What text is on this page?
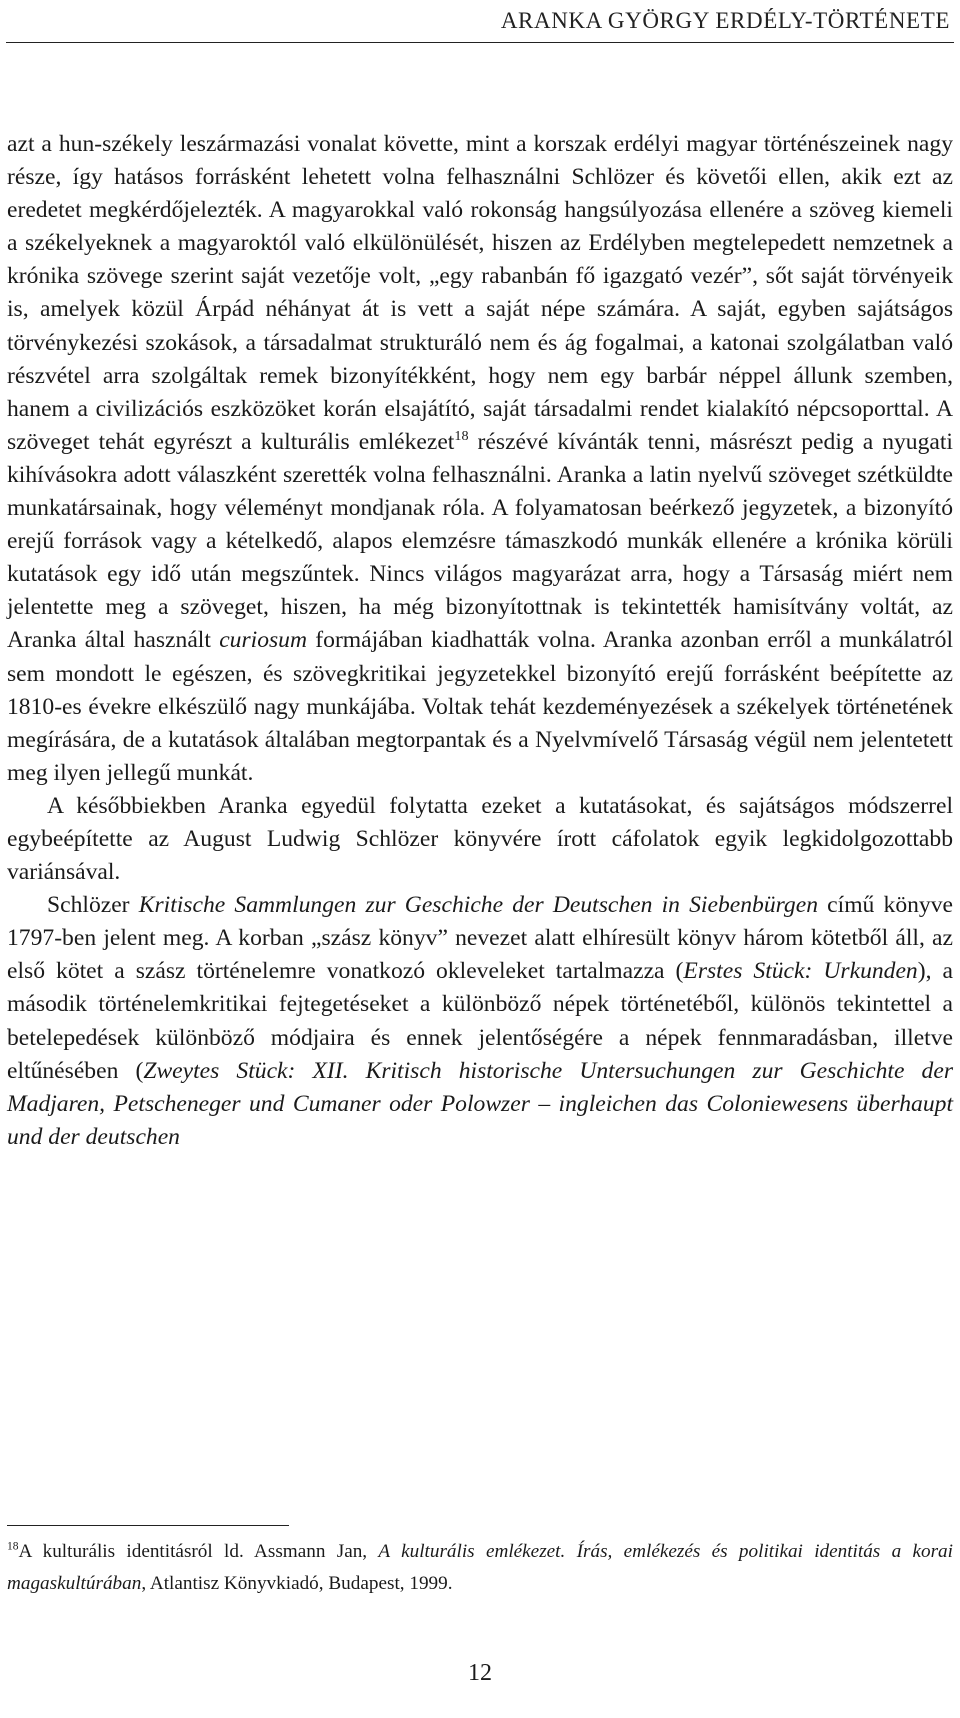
ARANKA GYÖRGY ERDÉLY-TÖRTÉNETE

azt a hun-székely leszármazási vonalat követte, mint a korszak erdélyi magyar történészeinek nagy része, így hatásos forrásként lehetett volna felhasználni Schlözer és követői ellen, akik ezt az eredetet megkérdőjelezték. A magyarokkal való rokonság hangsúlyozása ellenére a szöveg kiemeli a székelyeknek a magyaroktól való elkülönülését, hiszen az Erdélyben megtelepedett nemzetnek a krónika szövege szerint saját vezetője volt, „egy rabanbán fő igazgató vezér”, sőt saját törvényeik is, amelyek közül Árpád néhányat át is vett a saját népe számára. A saját, egyben sajátságos törvénykezési szokások, a társadalmat strukturáló nem és ág fogalmai, a katonai szolgálatban való részvétel arra szolgáltak remek bizonyítékként, hogy nem egy barbár néppel állunk szemben, hanem a civilizációs eszközöket korán elsajátító, saját társadalmi rendet kialakító népcsoporttal. A szöveget tehát egyrészt a kulturális emlékezet$^{18}$ részévé kívánták tenni, másrészt pedig a nyugati kihívásokra adott válaszként szerették volna felhasználni. Aranka a latin nyelvű szöveget szétküldte munkatársainak, hogy véleményt mondjanak róla. A folyamatosan beérkező jegyzetek, a bizonyító erejű források vagy a kételkedő, alapos elemzésre támaszkodó munkák ellenére a krónika körüli kutatások egy idő után megszűntek. Nincs világos magyarázat arra, hogy a Társaság miért nem jelentette meg a szöveget, hiszen, ha még bizonyítottnak is tekintették hamisítvány voltát, az Aranka által használt curiosum formájában kiadhatták volna. Aranka azonban erről a munkálatról sem mondott le egészen, és szövegkritikai jegyzetekkel bizonyító erejű forrásként beépítette az 1810-es évekre elkészülő nagy munkájába. Voltak tehát kezdeményezések a székelyek történetének megírására, de a kutatások általában megtorpantak és a Nyelvmívelő Társaság végül nem jelentetett meg ilyen jellegű munkát.

A későbbiekben Aranka egyedül folytatta ezeket a kutatásokat, és sajátságos módszerrel egybeépítette az August Ludwig Schlözer könyvére írott cáfolatok egyik legkidolgozottabb variánsával.

Schlözer Kritische Sammlungen zur Geschiche der Deutschen in Siebenbürgen című könyve 1797-ben jelent meg. A korban „szász könyv” nevezet alatt elhíresült könyv három kötetből áll, az első kötet a szász történelemre vonatkozó okleveleket tartalmazza (Erstes Stück: Urkunden), a második történelemkritikai fejtegetéseket a különböző népek történetéből, különös tekintettel a betelepedések különböző módjaira és ennek jelentőségére a népek fennmaradásban, illetve eltűnésében (Zweytes Stück: XII. Kritisch historische Untersuchungen zur Geschichte der Madjaren, Petscheneger und Cumaner oder Polowzer – ingleichen das Coloniewesens überhaupt und der deutschen

$^{18}$A kulturális identitásról ld. Assmann Jan, A kulturális emlékezet. Írás, emlékezés és politikai identitás a korai magaskultúrában, Atlantisz Könyvkiadó, Budapest, 1999.
12
